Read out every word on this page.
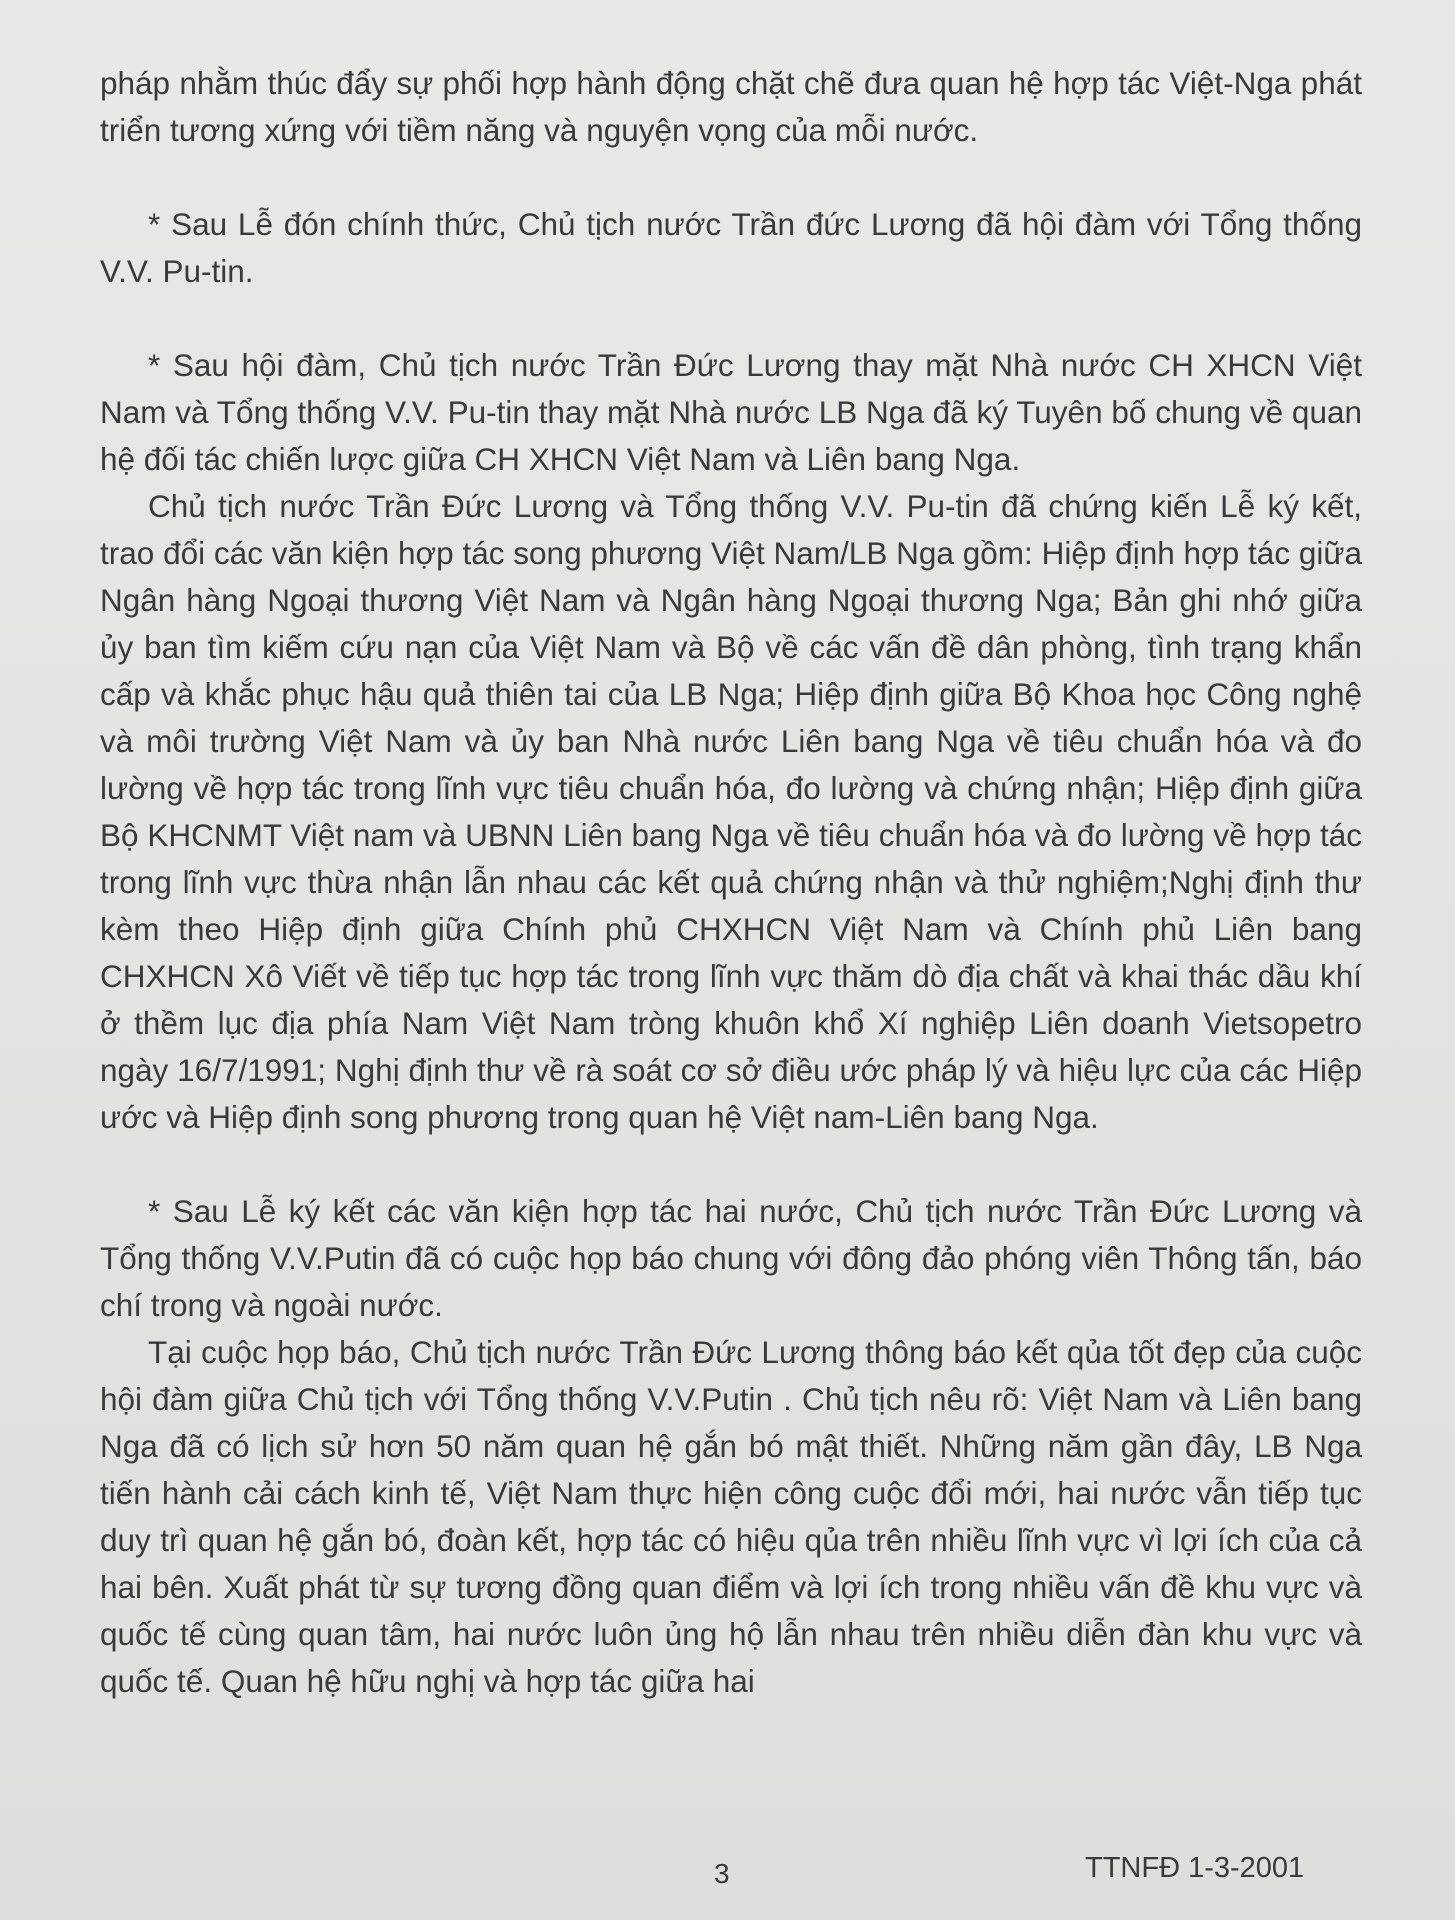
pháp nhằm thúc đẩy sự phối hợp hành động chặt chẽ đưa quan hệ hợp tác Việt-Nga phát triển tương xứng với tiềm năng và nguyện vọng của mỗi nước.

* Sau Lễ đón chính thức, Chủ tịch nước Trần đức Lương đã hội đàm với Tổng thống V.V. Pu-tin.

* Sau hội đàm, Chủ tịch nước Trần Đức Lương thay mặt Nhà nước CH XHCN Việt Nam và Tổng thống V.V. Pu-tin thay mặt Nhà nước LB Nga đã ký Tuyên bố chung về quan hệ đối tác chiến lược giữa CH XHCN Việt Nam và Liên bang Nga.

Chủ tịch nước Trần Đức Lương và Tổng thống V.V. Pu-tin đã chứng kiến Lễ ký kết, trao đổi các văn kiện hợp tác song phương Việt Nam/LB Nga gồm: Hiệp định hợp tác giữa Ngân hàng Ngoại thương Việt Nam và Ngân hàng Ngoại thương Nga; Bản ghi nhớ giữa ủy ban tìm kiếm cứu nạn của Việt Nam và Bộ về các vấn đề dân phòng, tình trạng khẩn cấp và khắc phục hậu quả thiên tai của LB Nga; Hiệp định giữa Bộ Khoa học Công nghệ và môi trường Việt Nam và ủy ban Nhà nước Liên bang Nga về tiêu chuẩn hóa và đo lường về hợp tác trong lĩnh vực tiêu chuẩn hóa, đo lường và chứng nhận; Hiệp định giữa Bộ KHCNMT Việt nam và UBNN Liên bang Nga về tiêu chuẩn hóa và đo lường về hợp tác trong lĩnh vực thừa nhận lẫn nhau các kết quả chứng nhận và thử nghiệm;Nghị định thư kèm theo Hiệp định giữa Chính phủ CHXHCN Việt Nam và Chính phủ Liên bang CHXHCN Xô Viết về tiếp tục hợp tác trong lĩnh vực thăm dò địa chất và khai thác dầu khí ở thềm lục địa phía Nam Việt Nam tròng khuôn khổ Xí nghiệp Liên doanh Vietsopetro ngày 16/7/1991; Nghị định thư về rà soát cơ sở điều ước pháp lý và hiệu lực của các Hiệp ước và Hiệp định song phương trong quan hệ Việt nam-Liên bang Nga.

* Sau Lễ ký kết các văn kiện hợp tác hai nước, Chủ tịch nước Trần Đức Lương và Tổng thống V.V.Putin đã có cuộc họp báo chung với đông đảo phóng viên Thông tấn, báo chí trong và ngoài nước.

Tại cuộc họp báo, Chủ tịch nước Trần Đức Lương thông báo kết qủa tốt đẹp của cuộc hội đàm giữa Chủ tịch với Tổng thống V.V.Putin . Chủ tịch nêu rõ: Việt Nam và Liên bang Nga đã có lịch sử hơn 50 năm quan hệ gắn bó mật thiết. Những năm gần đây, LB Nga tiến hành cải cách kinh tế, Việt Nam thực hiện công cuộc đổi mới, hai nước vẫn tiếp tục duy trì quan hệ gắn bó, đoàn kết, hợp tác có hiệu qủa trên nhiều lĩnh vực vì lợi ích của cả hai bên. Xuất phát từ sự tương đồng quan điểm và lợi ích trong nhiều vấn đề khu vực và quốc tế cùng quan tâm, hai nước luôn ủng hộ lẫn nhau trên nhiều diễn đàn khu vực và quốc tế. Quan hệ hữu nghị và hợp tác giữa hai

3	TTNFĐ 1-3-2001
